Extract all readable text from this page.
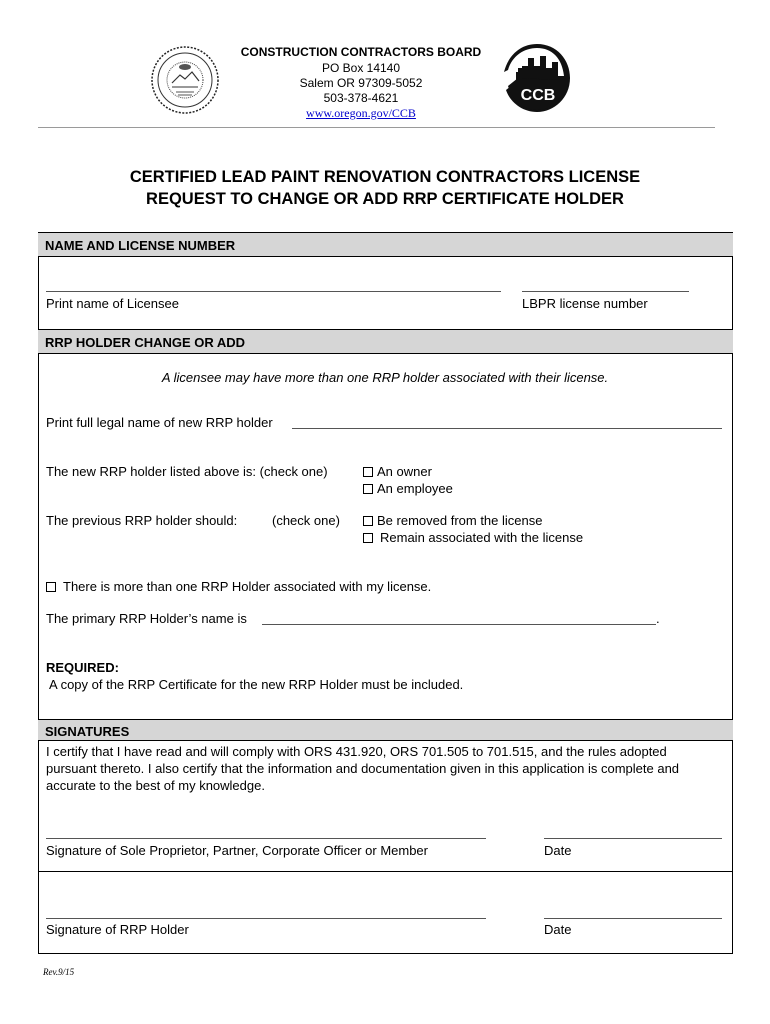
CONSTRUCTION CONTRACTORS BOARD
PO Box 14140
Salem OR 97309-5052
503-378-4621
www.oregon.gov/CCB
CCB
CERTIFIED LEAD PAINT RENOVATION CONTRACTORS LICENSE
REQUEST TO CHANGE OR ADD RRP CERTIFICATE HOLDER
NAME AND LICENSE NUMBER
Print name of Licensee	LBPR license number
RRP HOLDER CHANGE OR ADD
A licensee may have more than one RRP holder associated with their license.
Print full legal name of new RRP holder
The new RRP holder listed above is: (check one)	An owner
An employee
The previous RRP holder should:	(check one)	Be removed from the license
Remain associated with the license
There is more than one RRP Holder associated with my license.
The primary RRP Holder’s name is	.
REQUIRED:
A copy of the RRP Certificate for the new RRP Holder must be included.
SIGNATURES
I certify that I have read and will comply with ORS 431.920, ORS 701.505 to 701.515, and the rules adopted
pursuant thereto. I also certify that the information and documentation given in this application is complete and
accurate to the best of my knowledge.
Signature of Sole Proprietor, Partner, Corporate Officer or Member	Date
Signature of RRP Holder	Date
Rev.9/15
